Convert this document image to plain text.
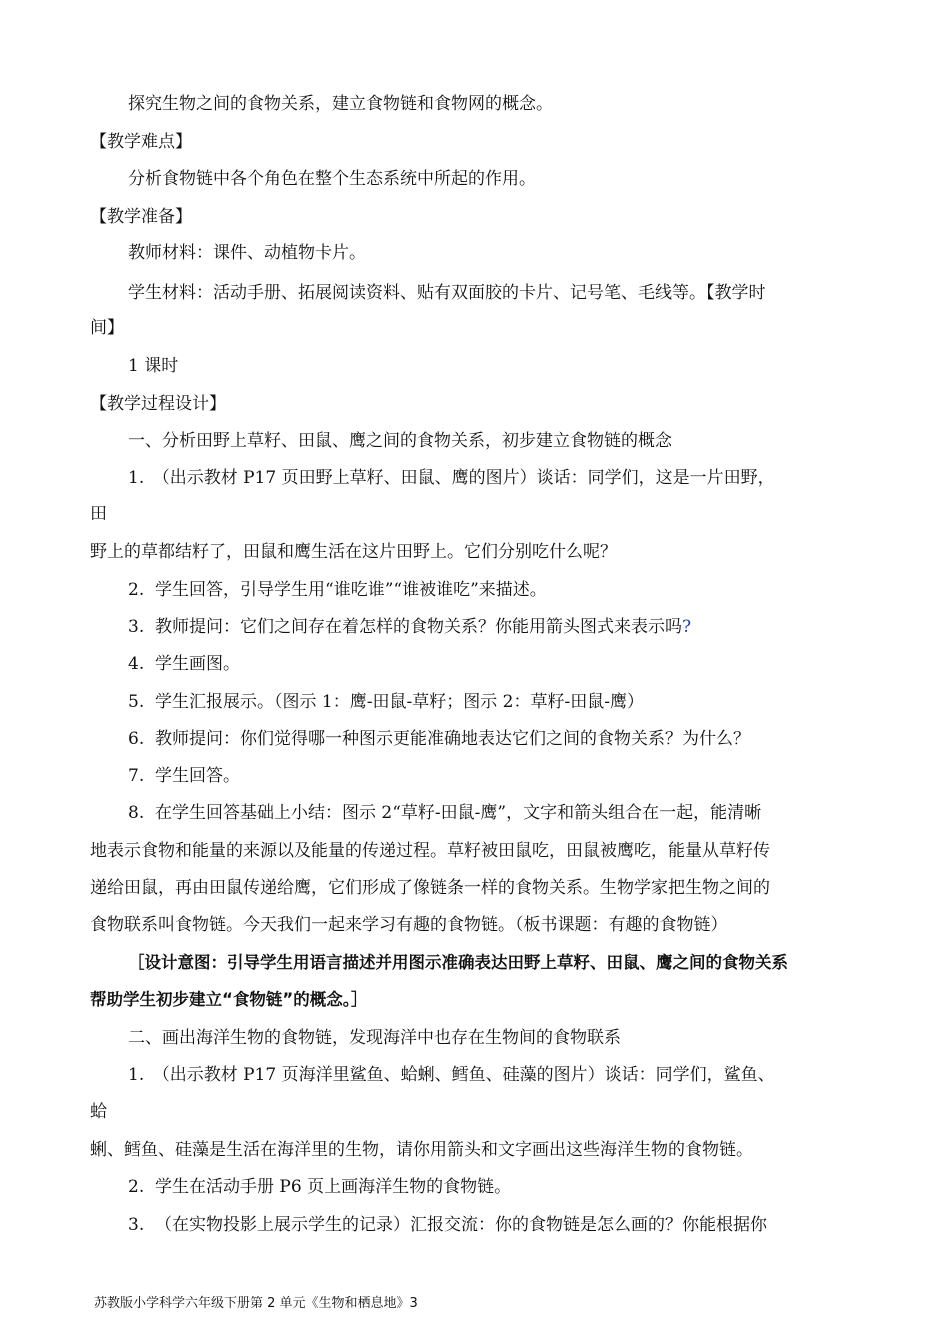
探究生物之间的食物关系，建立食物链和食物网的概念。
【教学难点】
分析食物链中各个角色在整个生态系统中所起的作用。
【教学准备】
教师材料：课件、动植物卡片。
学生材料：活动手册、拓展阅读资料、贴有双面胶的卡片、记号笔、毛线等。【教学时
间】
1 课时
【教学过程设计】
一、分析田野上草籽、田鼠、鹰之间的食物关系，初步建立食物链的概念
1.　（出示教材 P17 页田野上草籽、田鼠、鹰的图片）谈话：同学们，这是一片田野，
田
野上的草都结籽了，田鼠和鹰生活在这片田野上。它们分别吃什么呢？
2.  学生回答，引导学生用“谁吃谁”“谁被谁吃”来描述。
3.  教师提问：它们之间存在着怎样的食物关系？你能用箭头图式来表示吗?
4.  学生画图。
5.  学生汇报展示。（图示 1：鹰-田鼠-草籽；图示 2：草籽-田鼠-鹰）
6.  教师提问：你们觉得哪一种图示更能准确地表达它们之间的食物关系？为什么？
7.  学生回答。
8.  在学生回答基础上小结：图示 2“草籽-田鼠-鹰”，文字和箭头组合在一起，能清晰
地表示食物和能量的来源以及能量的传递过程。草籽被田鼠吃，田鼠被鹰吃，能量从草籽传
递给田鼠，再由田鼠传递给鹰，它们形成了像链条一样的食物关系。生物学家把生物之间的
食物联系叫食物链。今天我们一起来学习有趣的食物链。（板书课题：有趣的食物链）
［设计意图：引导学生用语言描述并用图示准确表达田野上草籽、田鼠、鹰之间的食物关系
帮助学生初步建立“食物链”的概念。］
二、画出海洋生物的食物链，发现海洋中也存在生物间的食物联系
1.　（出示教材 P17 页海洋里鲨鱼、蛤蜊、鳕鱼、硅藻的图片）谈话：同学们，鲨鱼、
蛤
蜊、鳕鱼、硅藻是生活在海洋里的生物，请你用箭头和文字画出这些海洋生物的食物链。
2.  学生在活动手册 P6 页上画海洋生物的食物链。
3.  （在实物投影上展示学生的记录）汇报交流：你的食物链是怎么画的？你能根据你
苏教版小学科学六年级下册第 2 单元《生物和栖息地》3
